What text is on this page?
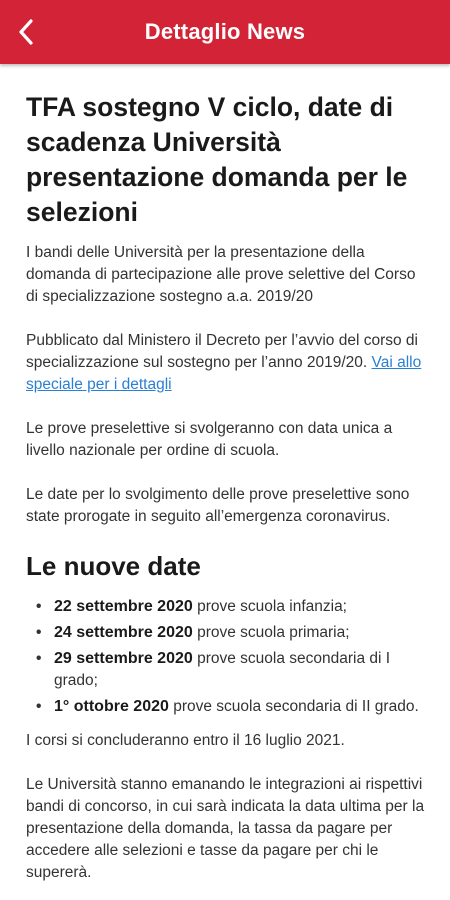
Dettaglio News
TFA sostegno V ciclo, date di scadenza Università presentazione domanda per le selezioni

I bandi delle Università per la presentazione della domanda di partecipazione alle prove selettive del Corso di specializzazione sostegno a.a. 2019/20

Pubblicato dal Ministero il Decreto per l’avvio del corso di specializzazione sul sostegno per l’anno 2019/20. Vai allo speciale per i dettagli

Le prove preselettive si svolgeranno con data unica a livello nazionale per ordine di scuola.

Le date per lo svolgimento delle prove preselettive sono state prorogate in seguito all’emergenza coronavirus.

Le nuove date
• 22 settembre 2020 prove scuola infanzia;
• 24 settembre 2020 prove scuola primaria;
• 29 settembre 2020 prove scuola secondaria di I grado;
• 1° ottobre 2020 prove scuola secondaria di II grado.

I corsi si concluderanno entro il 16 luglio 2021.

Le Università stanno emanando le integrazioni ai rispettivi bandi di concorso, in cui sarà indicata la data ultima per la presentazione della domanda, la tassa da pagare per accedere alle selezioni e tasse da pagare per chi le supererà.
